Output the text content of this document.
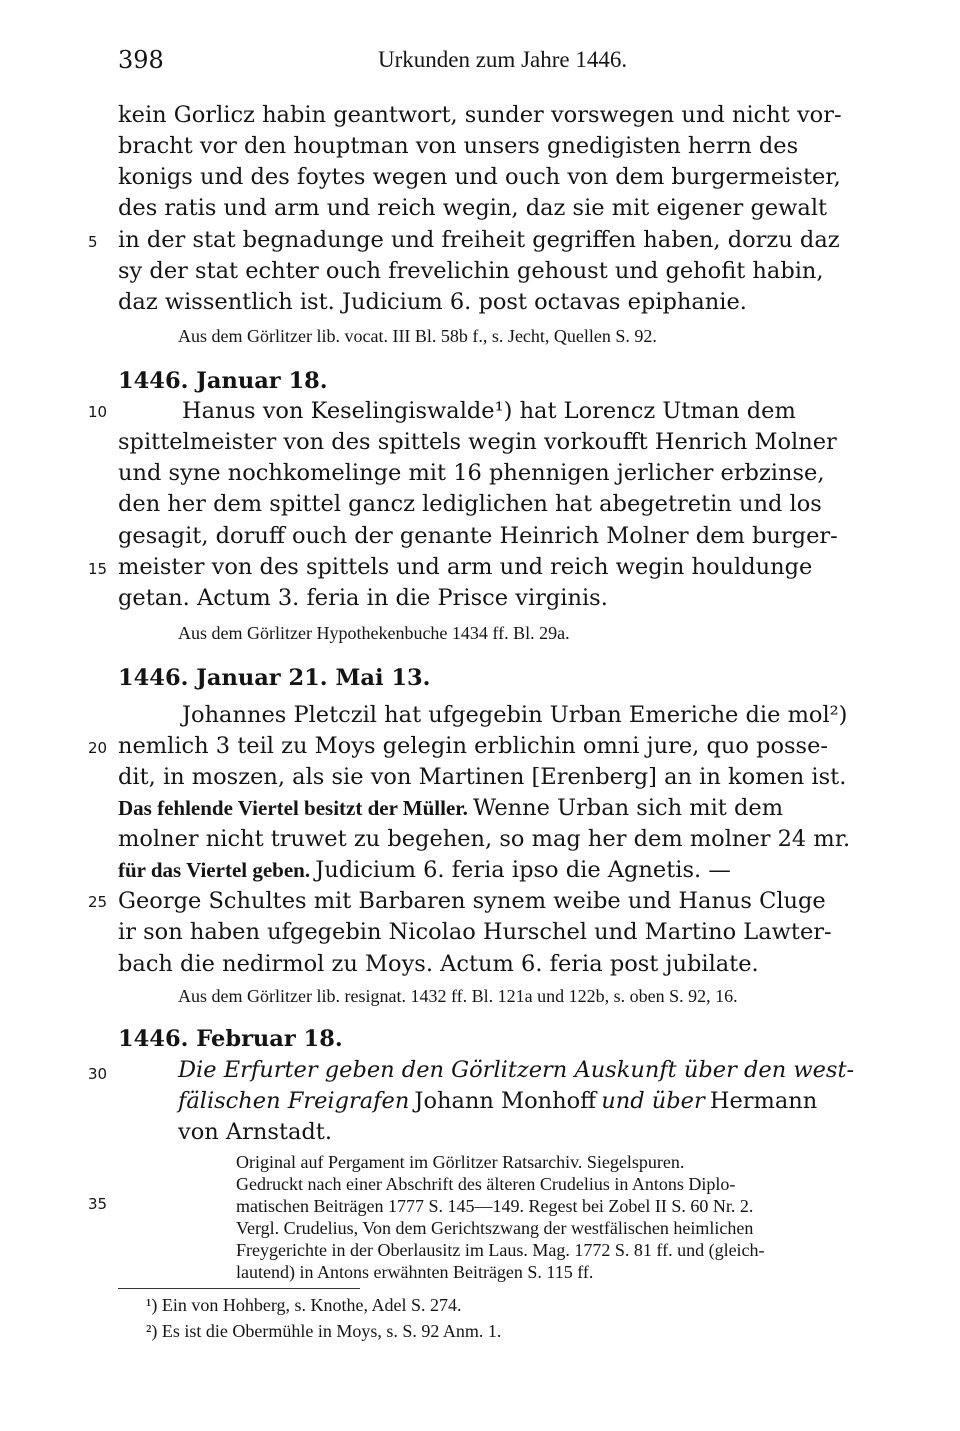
398	Urkunden zum Jahre 1446.
5
10
15
20
25
30
35
kein Gorlicz habin geantwort, sunder vorswegen und nicht vor-
bracht vor den houptman von unsers gnedigisten herrn des
konigs und des foytes wegen und ouch von dem burgermeister,
des ratis und arm und reich wegin, daz sie mit eigener gewalt
in der stat begnadunge und freiheit gegriffen haben, dorzu daz
sy der stat echter ouch frevelichin gehoust und gehofit habin,
daz wissentlich ist. Judicium 6. post octavas epiphanie.
Aus dem Görlitzer lib. vocat. III Bl. 58b f., s. Jecht, Quellen S. 92.
1446. Januar 18.
Hanus von Keselingiswalde¹) hat Lorencz Utman dem
spittelmeister von des spittels wegin vorkoufft Henrich Molner
und syne nochkomelinge mit 16 phennigen jerlicher erbzinse,
den her dem spittel gancz lediglichen hat abegetretin und los
gesagit, doruff ouch der genante Heinrich Molner dem burger-
meister von des spittels und arm und reich wegin houldunge
getan. Actum 3. feria in die Prisce virginis.
Aus dem Görlitzer Hypothekenbuche 1434 ff. Bl. 29a.
1446. Januar 21. Mai 13.
Johannes Pletczil hat ufgegebin Urban Emeriche die mol²)
nemlich 3 teil zu Moys gelegin erblichin omni jure, quo posse-
dit, in moszen, als sie von Martinen [Erenberg] an in komen ist.
Das fehlende Viertel besitzt der Müller. Wenne Urban sich mit dem
molner nicht truwet zu begehen, so mag her dem molner 24 mr.
für das Viertel geben. Judicium 6. feria ipso die Agnetis. —
George Schultes mit Barbaren synem weibe und Hanus Cluge
ir son haben ufgegebin Nicolao Hurschel und Martino Lawter-
bach die nedirmol zu Moys. Actum 6. feria post jubilate.
Aus dem Görlitzer lib. resignat. 1432 ff. Bl. 121a und 122b, s. oben S. 92, 16.
1446. Februar 18.
Die Erfurter geben den Görlitzern Auskunft über den west-
fälischen Freigrafen Johann Monhoff und über Hermann
von Arnstadt.
Original auf Pergament im Görlitzer Ratsarchiv. Siegelspuren.
Gedruckt nach einer Abschrift des älteren Crudelius in Antons Diplo-
matischen Beiträgen 1777 S. 145—149. Regest bei Zobel II S. 60 Nr. 2.
Vergl. Crudelius, Von dem Gerichtszwang der westfälischen heimlichen
Freygerichte in der Oberlausitz im Laus. Mag. 1772 S. 81 ff. und (gleich-
lautend) in Antons erwähnten Beiträgen S. 115 ff.
¹) Ein von Hohberg, s. Knothe, Adel S. 274.
²) Es ist die Obermühle in Moys, s. S. 92 Anm. 1.
